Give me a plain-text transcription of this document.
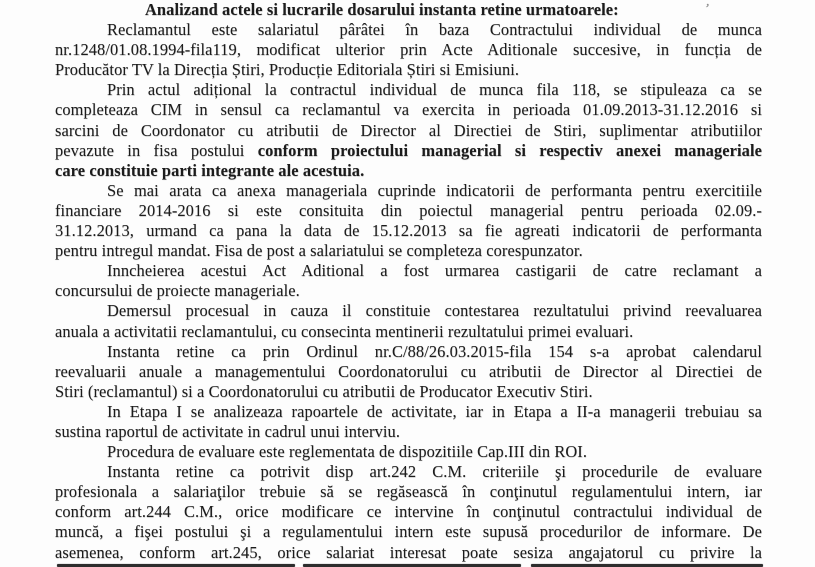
Analizand actele si lucrarile dosarului instanta retine urmatoarele:
Reclamantul este salariatul pârâtei în baza Contractului individual de munca
nr.1248/01.08.1994-fila119, modificat ulterior prin Acte Aditionale succesive, in funcția de
Producător TV la Direcția Știri, Producție Editoriala Știri si Emisiuni.
Prin actul adițional la contractul individual de munca fila 118, se stipuleaza ca se
completeaza CIM in sensul ca reclamantul va exercita in perioada 01.09.2013-31.12.2016 si
sarcini de Coordonator cu atributii de Director al Directiei de Stiri, suplimentar atributiilor
pevazute in fisa postului conform proiectului managerial si respectiv anexei manageriale
care constituie parti integrante ale acestuia.
Se mai arata ca anexa manageriala cuprinde indicatorii de performanta pentru exercitiile
financiare 2014-2016 si este consituita din poiectul managerial pentru perioada 02.09.-
31.12.2013, urmand ca pana la data de 15.12.2013 sa fie agreati indicatorii de performanta
pentru intregul mandat. Fisa de post a salariatului se completeza corespunzator.
Inncheierea acestui Act Aditional a fost urmarea castigarii de catre reclamant a
concursului de proiecte manageriale.
Demersul procesual in cauza il constituie contestarea rezultatului privind reevaluarea
anuala a activitatii reclamantului, cu consecinta mentinerii rezultatului primei evaluari.
Instanta retine ca prin Ordinul nr.C/88/26.03.2015-fila 154 s-a aprobat calendarul
reevaluarii anuale a managementului Coordonatorului cu atributii de Director al Directiei de
Stiri (reclamantul) si a Coordonatorului cu atributii de Producator Executiv Stiri.
In Etapa I se analizeaza rapoartele de activitate, iar in Etapa a II-a managerii trebuiau sa
sustina raportul de activitate in cadrul unui interviu.
Procedura de evaluare este reglementata de dispozitiile Cap.III din ROI.
Instanta retine ca potrivit disp art.242 C.M. criteriile şi procedurile de evaluare
profesionala a salariaţilor trebuie să se regăsească în conţinutul regulamentului intern, iar
conform art.244 C.M., orice modificare ce intervine în conţinutul contractului individual de
muncă, a fişei postului şi a regulamentului intern este supusă procedurilor de informare. De
asemenea, conform art.245, orice salariat interesat poate sesiza angajatorul cu privire la
ʼ
